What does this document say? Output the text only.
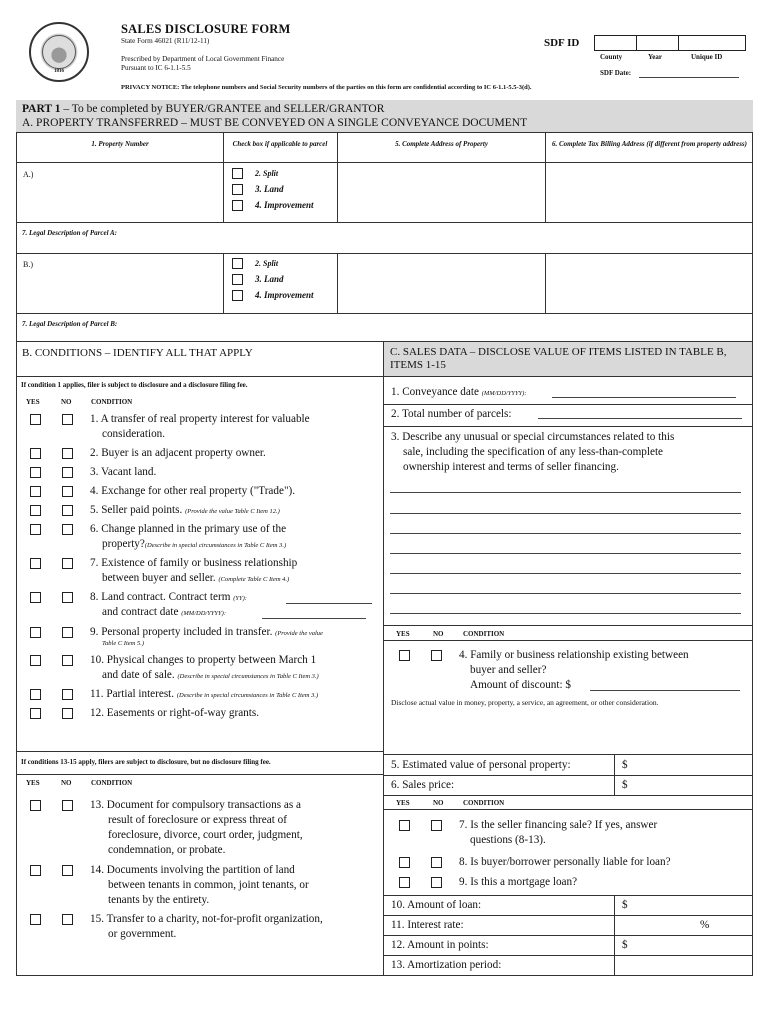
1816
SALES DISCLOSURE FORM
State Form 46021 (R11/12-11)
Prescribed by Department of Local Government Finance
Pursuant to IC 6-1.1-5.5
PRIVACY NOTICE: The telephone numbers and Social Security numbers of the parties on this form are confidential according to IC 6-1.1-5.5-3(d).
SDF ID
County	Year	Unique ID
SDF Date:
PART 1 – To be completed by BUYER/GRANTEE and SELLER/GRANTOR
A. PROPERTY TRANSFERRED – MUST BE CONVEYED ON A SINGLE CONVEYANCE DOCUMENT
1. Property Number	Check box if applicable to parcel	5. Complete Address of Property	6. Complete Tax Billing Address (if different from property address)
A.)	2. Split
3. Land
4. Improvement
7. Legal Description of Parcel A:
B.)	2. Split
3. Land
4. Improvement
7. Legal Description of Parcel B:
B. CONDITIONS – IDENTIFY ALL THAT APPLY	C. SALES DATA – DISCLOSE VALUE OF ITEMS LISTED IN TABLE B, ITEMS 1-15
If condition 1 applies, filer is subject to disclosure and a disclosure filing fee.
YES	NO	CONDITION
1. A transfer of real property interest for valuable
consideration.
2. Buyer is an adjacent property owner.
3. Vacant land.
4. Exchange for other real property ("Trade").
5. Seller paid points. (Provide the value Table C Item 12.)
6. Change planned in the primary use of the
property?(Describe in special circumstances in Table C Item 3.)
7. Existence of family or business relationship
between buyer and seller. (Complete Table C Item 4.)
8. Land contract. Contract term (YY):
and contract date (MM/DD/YYYY):
9. Personal property included in transfer. (Provide the value
Table C Item 5.)
10. Physical changes to property between March 1
and date of sale. (Describe in special circumstances in Table C Item 3.)
11. Partial interest. (Describe in special circumstances in Table C Item 3.)
12. Easements or right-of-way grants.
If conditions 13-15 apply, filers are subject to disclosure, but no disclosure filing fee.
YES	NO	CONDITION
13. Document for compulsory transactions as a
result of foreclosure or express threat of
foreclosure, divorce, court order, judgment,
condemnation, or probate.
14. Documents involving the partition of land
between tenants in common, joint tenants, or
tenants by the entirety.
15. Transfer to a charity, not-for-profit organization,
or government.
1. Conveyance date (MM/DD/YYYY):
2. Total number of parcels:
3. Describe any unusual or special circumstances related to this
sale, including the specification of any less-than-complete
ownership interest and terms of seller financing.
YES	NO	CONDITION
4. Family or business relationship existing between
buyer and seller?
Amount of discount: $
Disclose actual value in money, property, a service, an agreement, or other consideration.
5. Estimated value of personal property:	$
6. Sales price:	$
YES	NO	CONDITION
7. Is the seller financing sale? If yes, answer
questions (8-13).
8. Is buyer/borrower personally liable for loan?
9. Is this a mortgage loan?
10. Amount of loan:	$
11. Interest rate:	%
12. Amount in points:	$
13. Amortization period:
